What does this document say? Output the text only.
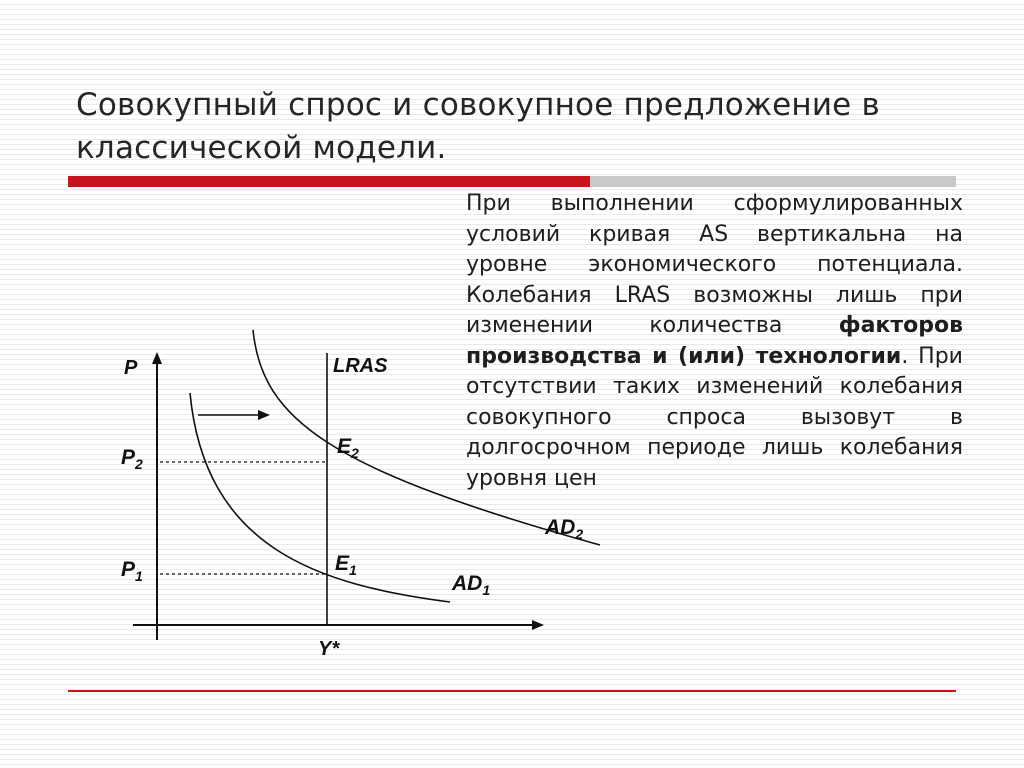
Совокупный спрос и совокупное предложение в классической модели.
При выполнении сформулированных условий кривая AS вертикальна на уровне экономического потенциала. Колебания LRAS возможны лишь при изменении количества факторов производства и (или) технологии. При отсутствии таких изменений колебания совокупного спроса вызовут в долгосрочном периоде лишь колебания уровня цен
P	LRAS
$P_2$
$P_1$
$E_2$
$E_1$
$AD_2$
$AD_1$
Y*
